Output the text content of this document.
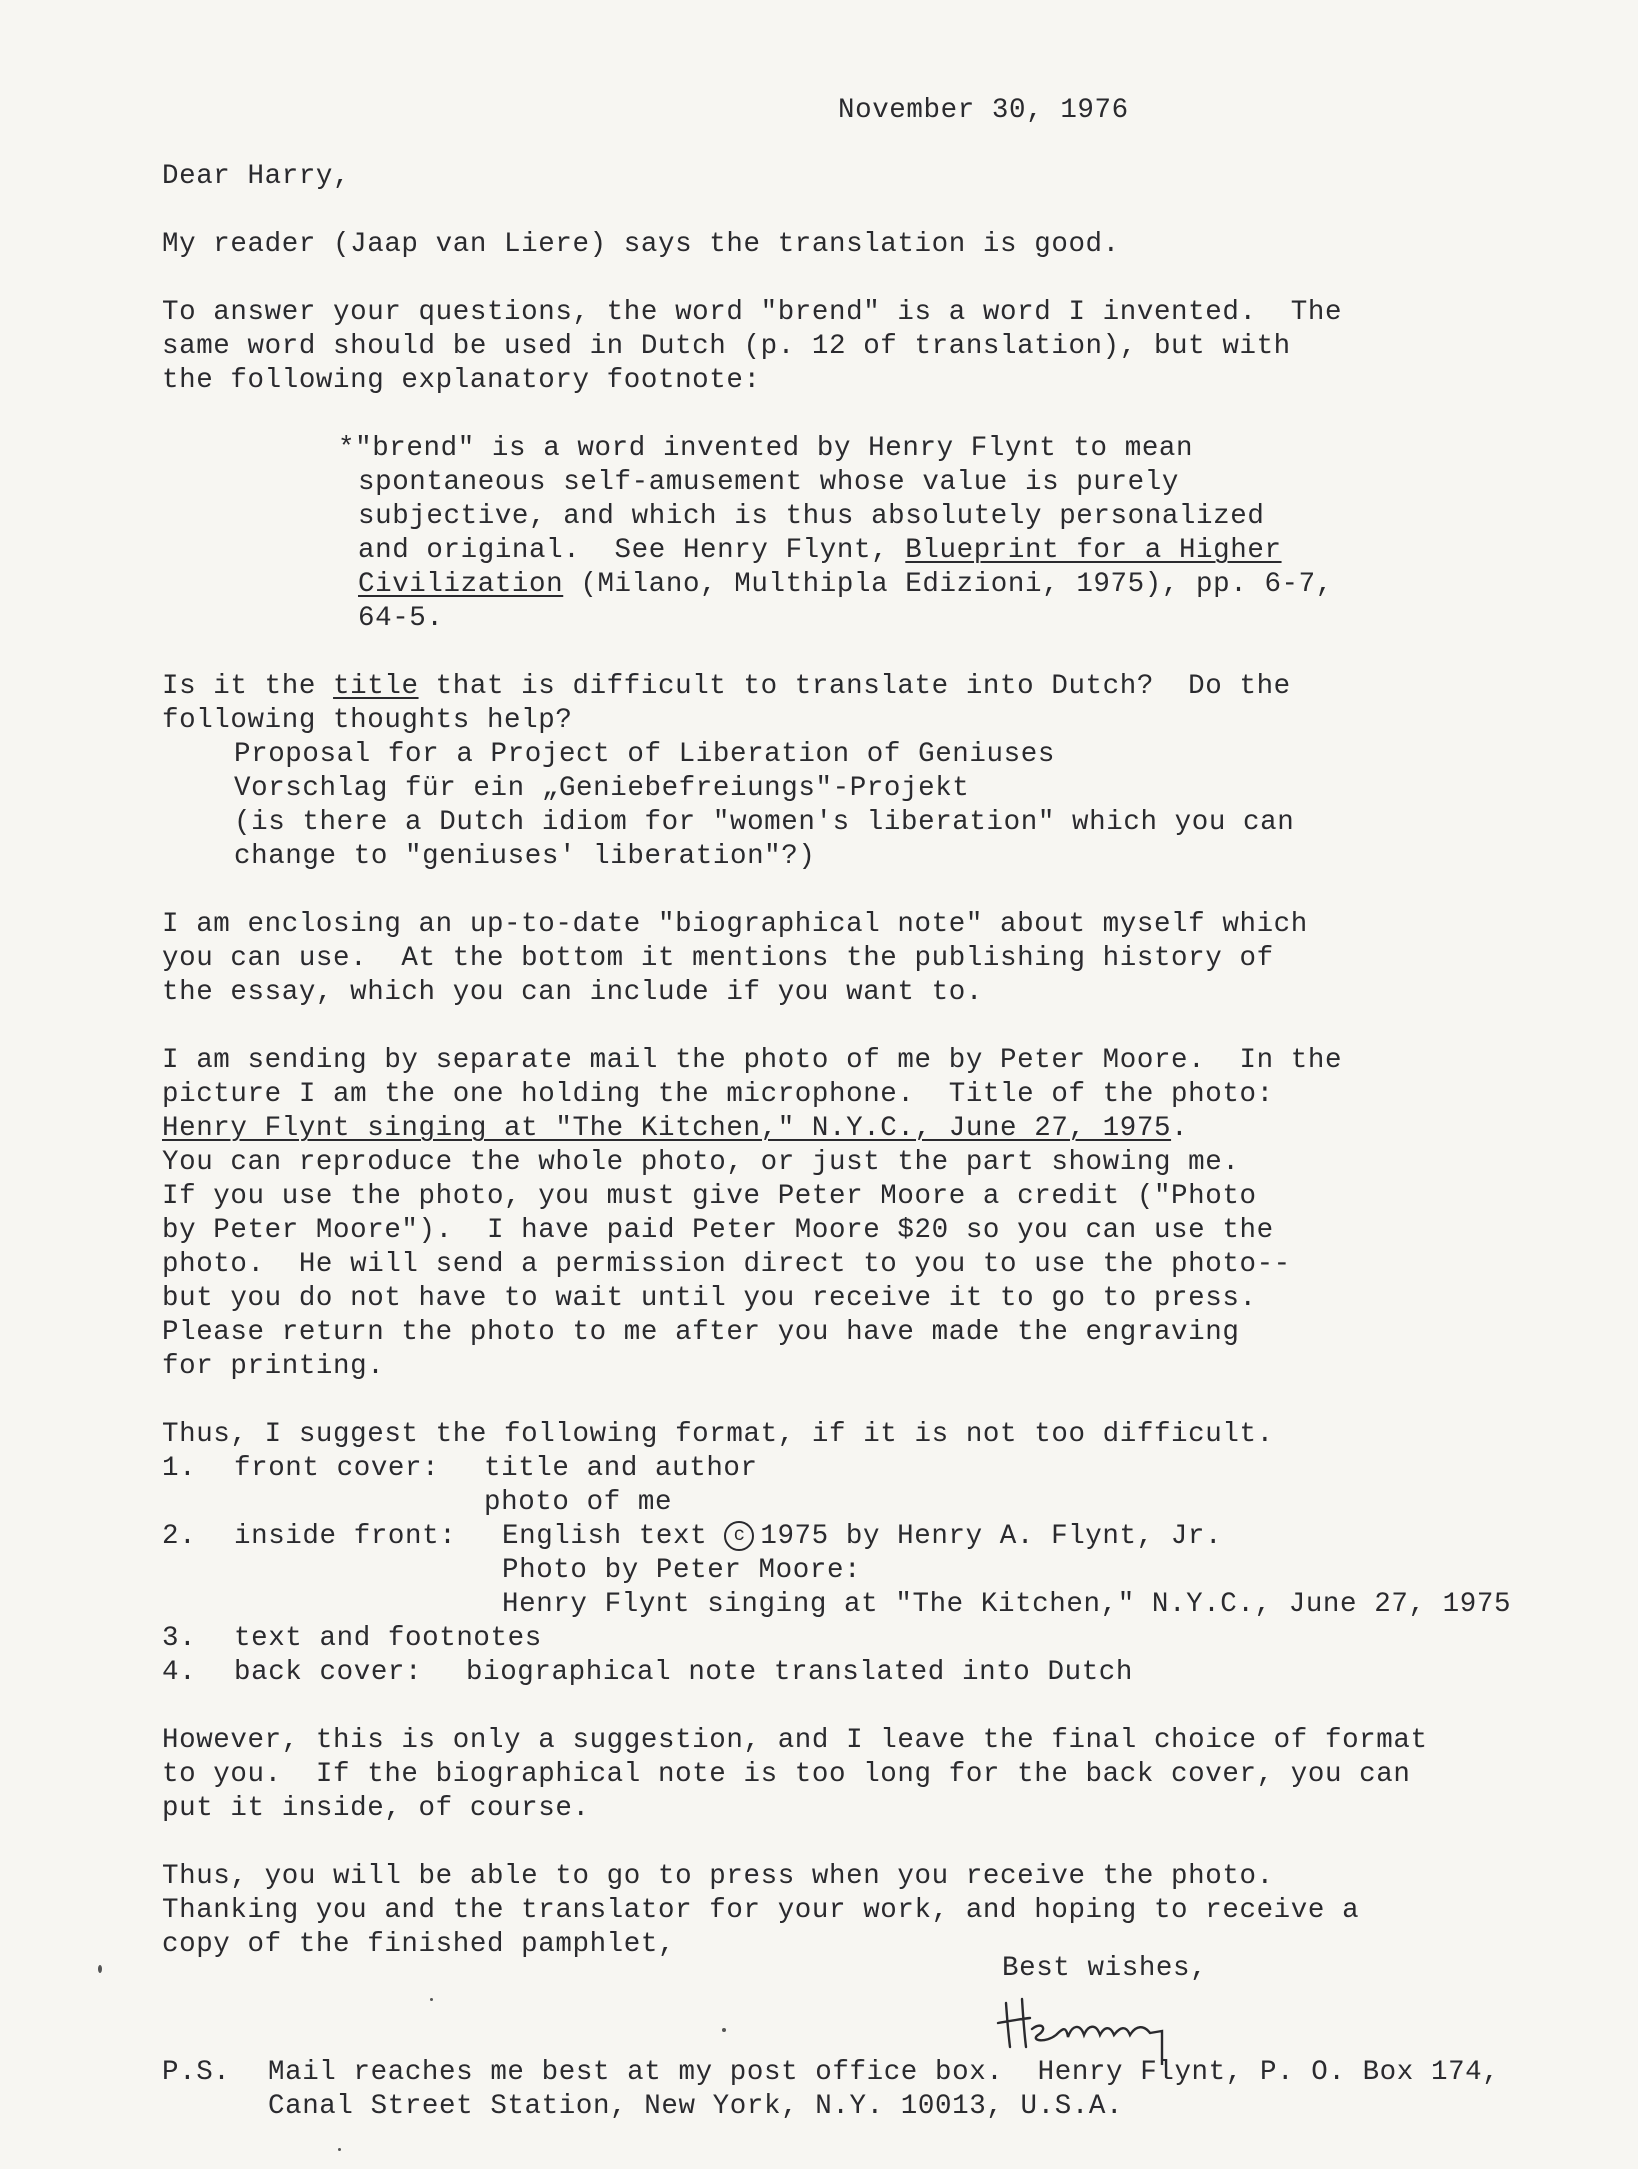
November 30, 1976
Dear Harry,
My reader (Jaap van Liere) says the translation is good.
To answer your questions, the word "brend" is a word I invented.  The
same word should be used in Dutch (p. 12 of translation), but with
the following explanatory footnote:
*"brend" is a word invented by Henry Flynt to mean
spontaneous self-amusement whose value is purely
subjective, and which is thus absolutely personalized
and original.  See Henry Flynt, Blueprint for a Higher
Civilization (Milano, Multhipla Edizioni, 1975), pp. 6-7,
64-5.
Is it the title that is difficult to translate into Dutch?  Do the
following thoughts help?
Proposal for a Project of Liberation of Geniuses
Vorschlag für ein „Geniebefreiungs"-Projekt
(is there a Dutch idiom for "women's liberation" which you can
change to "geniuses' liberation"?)
I am enclosing an up-to-date "biographical note" about myself which
you can use.  At the bottom it mentions the publishing history of
the essay, which you can include if you want to.
I am sending by separate mail the photo of me by Peter Moore.  In the
picture I am the one holding the microphone.  Title of the photo:
Henry Flynt singing at "The Kitchen," N.Y.C., June 27, 1975.
You can reproduce the whole photo, or just the part showing me.
If you use the photo, you must give Peter Moore a credit ("Photo
by Peter Moore").  I have paid Peter Moore $20 so you can use the
photo.  He will send a permission direct to you to use the photo--
but you do not have to wait until you receive it to go to press.
Please return the photo to me after you have made the engraving
for printing.
Thus, I suggest the following format, if it is not too difficult.
1. front cover: title and author
photo of me
2. inside front: English text c 1975 by Henry A. Flynt, Jr.
Photo by Peter Moore:
Henry Flynt singing at "The Kitchen," N.Y.C., June 27, 1975
3. text and footnotes
4. back cover: biographical note translated into Dutch
However, this is only a suggestion, and I leave the final choice of format
to you.  If the biographical note is too long for the back cover, you can
put it inside, of course.
Thus, you will be able to go to press when you receive the photo.
Thanking you and the translator for your work, and hoping to receive a
copy of the finished pamphlet,
Best wishes,
P.S. Mail reaches me best at my post office box.  Henry Flynt, P. O. Box 174,
Canal Street Station, New York, N.Y. 10013, U.S.A.
